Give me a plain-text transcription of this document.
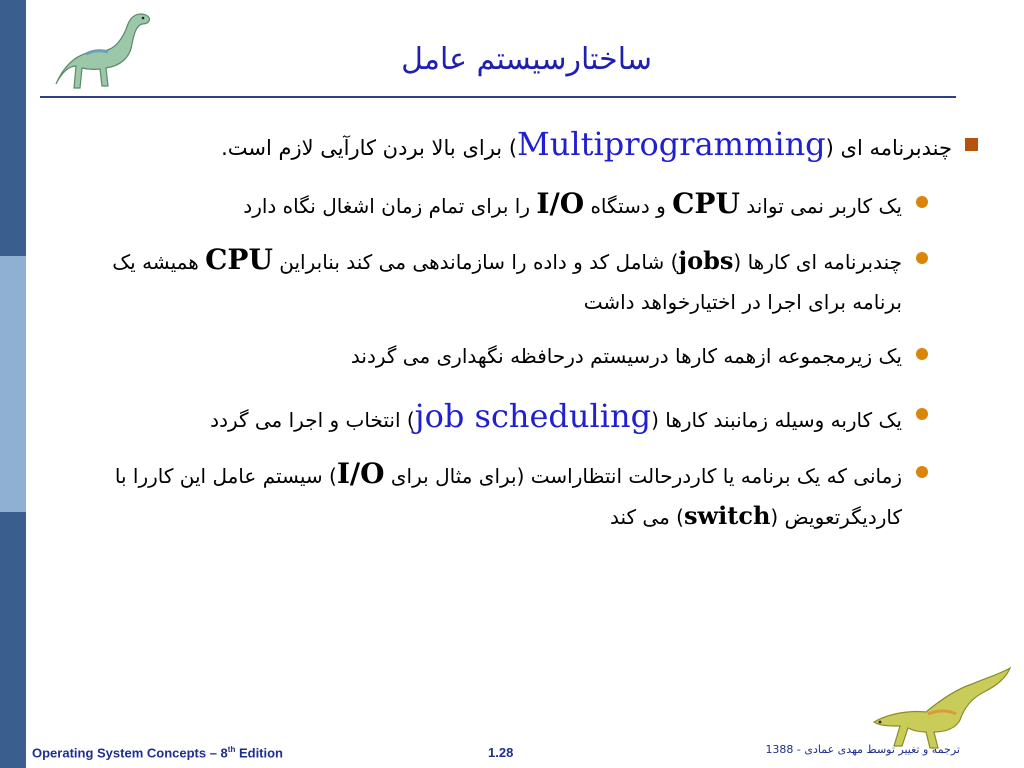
ساختارسیستم عامل
چندبرنامه ای (Multiprogramming) برای بالا بردن کارآیی لازم است.
یک کاربر نمی تواند CPU و دستگاه I/O را برای تمام زمان اشغال نگاه دارد
چندبرنامه ای کارها (jobs) شامل کد و داده را سازماندهی می کند بنابراین CPU همیشه یک برنامه برای اجرا در اختیارخواهد داشت
یک زیرمجموعه ازهمه کارها درسیستم درحافظه نگهداری می گردند
یک کاربه وسیله زمانبند کارها (job scheduling) انتخاب و اجرا می گردد
زمانی که یک برنامه یا کاردرحالت انتظاراست (برای مثال برای I/O) سیستم عامل این کاررا با کاردیگرتعویض (switch) می کند
Operating System Concepts – 8th Edition	1.28	ترجمه و تغییر توسط مهدی عمادی - 1388
